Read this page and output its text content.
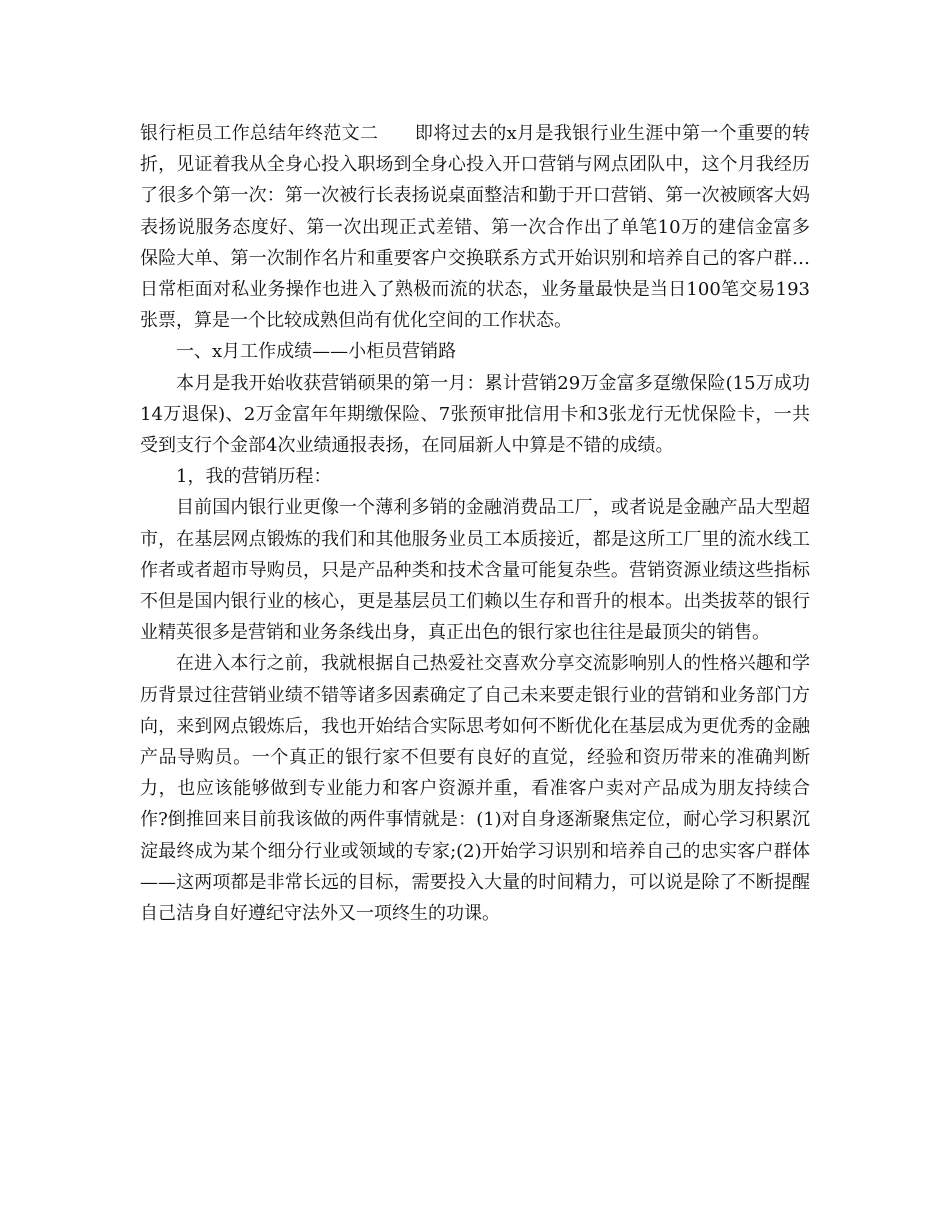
银行柜员工作总结年终范文二　　即将过去的x月是我银行业生涯中第一个重要的转折，见证着我从全身心投入职场到全身心投入开口营销与网点团队中，这个月我经历了很多个第一次：第一次被行长表扬说桌面整洁和勤于开口营销、第一次被顾客大妈表扬说服务态度好、第一次出现正式差错、第一次合作出了单笔10万的建信金富多保险大单、第一次制作名片和重要客户交换联系方式开始识别和培养自己的客户群…日常柜面对私业务操作也进入了熟极而流的状态，业务量最快是当日100笔交易193张票，算是一个比较成熟但尚有优化空间的工作状态。

一、x月工作成绩——小柜员营销路

本月是我开始收获营销硕果的第一月：累计营销29万金富多趸缴保险(15万成功14万退保)、2万金富年年期缴保险、7张预审批信用卡和3张龙行无忧保险卡，一共受到支行个金部4次业绩通报表扬，在同届新人中算是不错的成绩。

1，我的营销历程：

目前国内银行业更像一个薄利多销的金融消费品工厂，或者说是金融产品大型超市，在基层网点锻炼的我们和其他服务业员工本质接近，都是这所工厂里的流水线工作者或者超市导购员，只是产品种类和技术含量可能复杂些。营销资源业绩这些指标不但是国内银行业的核心，更是基层员工们赖以生存和晋升的根本。出类拔萃的银行业精英很多是营销和业务条线出身，真正出色的银行家也往往是最顶尖的销售。

在进入本行之前，我就根据自己热爱社交喜欢分享交流影响别人的性格兴趣和学历背景过往营销业绩不错等诸多因素确定了自己未来要走银行业的营销和业务部门方向，来到网点锻炼后，我也开始结合实际思考如何不断优化在基层成为更优秀的金融产品导购员。一个真正的银行家不但要有良好的直觉，经验和资历带来的准确判断力，也应该能够做到专业能力和客户资源并重，看准客户卖对产品成为朋友持续合作?倒推回来目前我该做的两件事情就是：(1)对自身逐渐聚焦定位，耐心学习积累沉淀最终成为某个细分行业或领域的专家;(2)开始学习识别和培养自己的忠实客户群体——这两项都是非常长远的目标，需要投入大量的时间精力，可以说是除了不断提醒自己洁身自好遵纪守法外又一项终生的功课。
